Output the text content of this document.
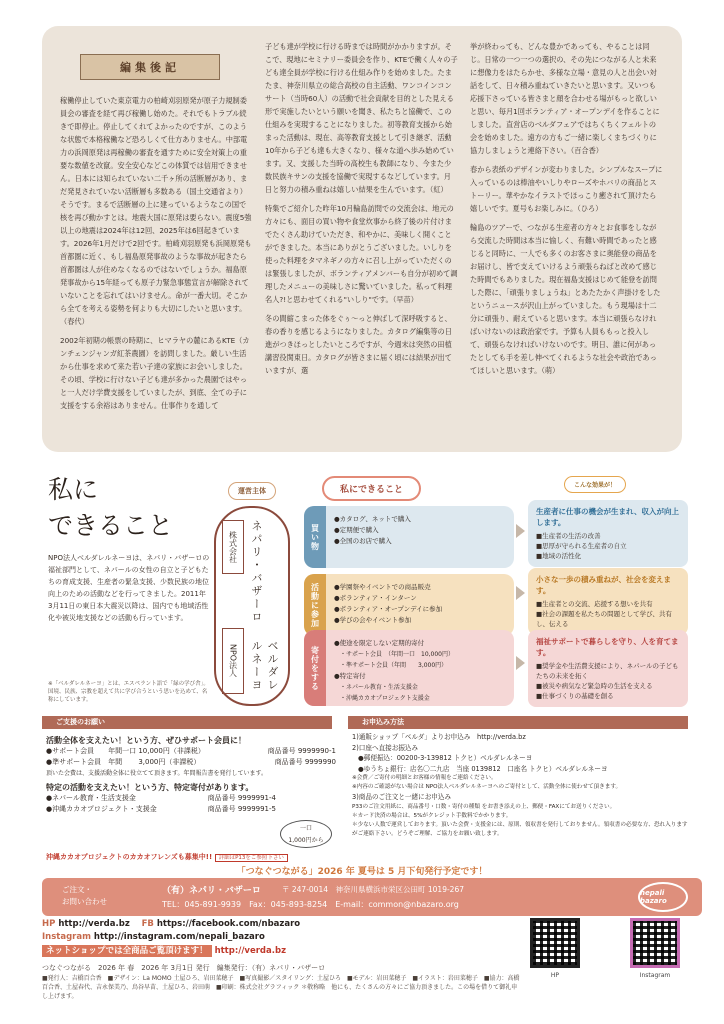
編集後記

稼働停止していた東京電力の柏崎刈羽原発が原子力規制委員会の審査を経て再び稼働し始めた。それでもトラブル続きで即停止。停止してくれてよかったのですが、このような状態で本格稼働など恐ろしくて仕方ありません。中部電力の浜岡原発は再稼働の審査を通すために安全対策上の重要な数値を改竄。安全安心などこの体質では信用できません。日本には知られていない二千ヶ所の活断層があり、まだ発見されていない活断層も多数ある（国土交通省より）そうです。まるで活断層の上に建っているようなこの国で核を再び動かすとは。地震大国に原発は要らない。震度5強以上の地震は2024年は12回、2025年は6回起きています。2026年1月だけで2回です。柏崎刈羽原発も浜岡原発も首都圏に近く、もし福島原発事故のような事故が起きたら首都圏は人が住めなくなるのではないでしょうか。福島原発事故から15年経っても原子力緊急事態宣言が解除されていないことを忘れてはいけません。命が一番大切。そこから全てを考える姿勢を何よりも大切にしたいと思います。（春代）

2002年初期の帳票の時期に、ヒマラヤの麓にあるKTE（カンチェンジャンガ紅茶農園）を訪問しました。厳しい生活から仕事を求めて来た若い子達の家族にお会いしました。その頃、学校に行けない子ども達が多かった農園ではやっと一人だけ学費支援をしていましたが、到底、全ての子に支援をする余裕はありません。仕事作りを通して

子ども達が学校に行ける時までは時間がかかりますが。そこで、現地にセミナリー委員会を作り、KTEで働く人々の子ども達全員が学校に行ける仕組み作りを始めました。たまたま、神奈川県立の総合高校の自主活動、ワンコインコンサート（当時60人）の活動で社会貢献を目的とした見える形で実施したいという願いを聞き、私たちと協働で、この仕組みを実現することになりました。初等教育支援から始まった活動は、現在、高等教育支援として引き継ぎ、活動10年から子ども達も大きくなり、様々な道へ歩み始めています。又、支援した当時の高校生も教師になり、今また少数民族キサンの支援を協働で実現するなどしています。月日と努力の積み重ねは嬉しい結果を生んでいます。（紅）

特集でご紹介した昨年10月輪島訪問での交流会は、地元の方々にも、面目の買い物や食堂炊事から終了後の片付けまでたくさん助けていただき、和やかに、美味しく開くことができました。本当にありがとうございました。いしりを使った料理をタマネギノの方々に召し上がっていただくのは緊張しましたが、ボランティアメンバーも自分が初めて調理したメニューの美味しさに驚いていました。私って料理名人?!と思わせてくれる"いしり"です。（早苗）

冬の間縮こまった体をぐぅ〜っと伸ばして深呼吸すると、春の香りを感じるようになりました。カタログ編集等の日進がつきほっとしたいところですが、今週末は突然の田植講習役関東日。カタログが皆さまに届く頃には結果が出ていますが、選

挙が終わっても、どんな豊かであっても、やることは同じ。日常の一つ一つの選択の、その先につながる人と未来に想像力をはたらかせ、多様な立場・意見の人と出会い対話をして、日々積み重ねていきたいと思います。又いつも応援下さっている皆さまと顔を合わせる場がもっと欲しいと思い、毎月1回ボランティア・オープンデイを作ることにしました。直営店のベルダフェアではちくちくフェルトの会を始めました。遠方の方もご一緒に楽しくまちづくりに協力しましょうと連絡下さい。（百合香）

春から表紙のデザインが変わりました。シンプルなスープに入っているのは棒油やいしりやローズやホバリの商品とストーリー。華やかなイラストでほっこり癒されて頂けたら嬉しいです。夏号もお楽しみに。（ひろ）

輪島のツアーで、つながる生産者の方々とお食事をしながら交流した時間は本当に愉しく、有難い時間であったと感じると同時に、一人でも多くのお客さまに奥能登の商品をお届けし、皆で支えていけるよう頑張らねばと改めて感じた時間でもありました。現在福島支援はじめて能登を訪問した際に、「頑張りましょうね」とあたたかく声掛けをしたというニュースが沢山上がっていました。もう現場は十二分に頑張り、耐えていると思います。本当に頑張らなければいけないのは政治家です。予算も人員ももっと投入して、頑張らなければいけないのです。明日、誰に何があったとしても手を差し伸べてくれるような社会や政治であってほしいと思います。（萌）

私に
できること
NPO法人ベルダレルネーヨは、ネパリ・バザーロの福祉部門として、ネパールの女性の自立と子どもたちの育成支援、生産者の緊急支援、少数民族の地位向上のための活動などを行ってきました。2011年3月11日の東日本大震災以降は、国内でも地域活性化や被災地支援などの活動も行っています。
※「ベルダレルネーヨ」とは、エスペラント語で「緑の学び舎」。国境、民族、宗教を超えて共に学び合うという思いを込めて、名称にしています。
運営主体	私にできること	こんな効果が！
株式会社	ネパリ・バザーロ
NPO法人	ベルダレルネーヨ
買い物
●カタログ、ネットで購入
●定期便で購入
●全国のお店で購入
活動に参加	●学園祭やイベントでの商品販売
●ボランティア・インターン
●ボランティア・オープンデイに参加
●学びの会やイベント参加
寄付をする
●使途を限定しない定期的寄付
・サポート会員　（年間一口　10,000円）
・準サポート会員（年間　　3,000円）
●特定寄付
・ネパール教育・生活支援金
・沖縄カカオプロジェクト支援金
生産者に仕事の機会が生まれ、収入が向上します。
■生産者の生活の改善
■思厚が守られる生産者の自立
■地域の活性化
小さな一歩の積み重ねが、社会を変えます。
■生産者との交流、応援する想いを共有
■社会の課題を私たちの問題として学び、共有し、伝える
福祉サポートで暮らしを守り、人を育てます。
■奨学金や生活費支援により、ネパールの子どもたちの未来を拓く
■被災や病気など緊急時の生活を支える
■仕事づくりの基礎を創る
ご支援のお願い	お申込み方法
活動全体を支えたい！という方、ぜひサポート会員に！
●サポート会員　　年間一口 10,000円（非課税）	商品番号 9999990-1
●準サポート会員　年間　　 3,000円（非課税）	商品番号 9999990
頂いた会費は、支援活動全体に役立てて頂きます。年間報告書を発行しています。
特定の活動を支えたい！という方、特定寄付があります。
●ネパール教育・生活支援金	商品番号 9999991-4
●沖縄カカオプロジェクト・支援金	商品番号 9999991-5
一口
1,000円から
沖縄カカオプロジェクトのカカオフレンズも募集中!! 詳細はP13をご参照下さい
1)通販ショップ「ベルダ」よりお申込み　http://verda.bz
2)口座へ直接お振込み
●郵便振込：00200-3-139812 トクヒ）ベルダレルネーヨ
●ゆうちょ銀行：店名〇二九店　当座 0139812　口座名 トクヒ）ベルダレルネーヨ
※会費／ご寄付の明細とお客様の情報をご連絡ください。
※内容のご確認がない場合は NPO法人ベルダレルネーヨへのご寄付として、活動全体に使わせて頂きます。
3)商品のご注文と一緒にお申込み
P33のご注文用紙に、商品番号・口数・寄付の種類 をお書き添えの上、郵便・FAXにてお送りください。
＊カード決済の場合は、5%がクレジット手数料でかかります。
＊少ない人数で運営しております。頂いた会費・支援金には、原則、領収書を発行しておりません。領収書の必要な方、恐れ入りますがご連絡下さい。どうぞご理解、ご協力をお願い致します。
「つなぐつながる」2026 年 夏号は 5 月下旬発行予定です！
ご注文・
お問い合わせ
（有）ネパリ・バザーロ	〒 247-0014　神奈川県横浜市栄区公田町 1019-267
TEL：045-891-9939　Fax：045-893-8254　E-mail：common@nbazaro.org
nepali bazaro
HP http://verda.bz FB https://facebook.com/nbazaro
Instagram http://instagram.com/nepali_bazaro
ネットショップでは全商品ご覧頂けます！ http://verda.bz
つなぐつながる　2026 年 春　2026 年 3月1日 発行　編集発行：（有）ネパリ・バザーロ
■発行人：吉橋百合香　■デザイン：La MOMO 土屋ひろ、岩田菜穂子　■写真撮影／スタイリング：土屋ひろ　■モデル：岩田菜穂子　■イラスト：岩田菜穂子　■協力：高橋百合香、土屋春代、吉永保美乃、鳥谷早苗、土屋ひろ、岩田萌　■印刷：株式会社グラフィック ＊敬称略　他にも、たくさんの方々にご協力頂きました。この場を借りて御礼申し上げます。
HP	Instagram
